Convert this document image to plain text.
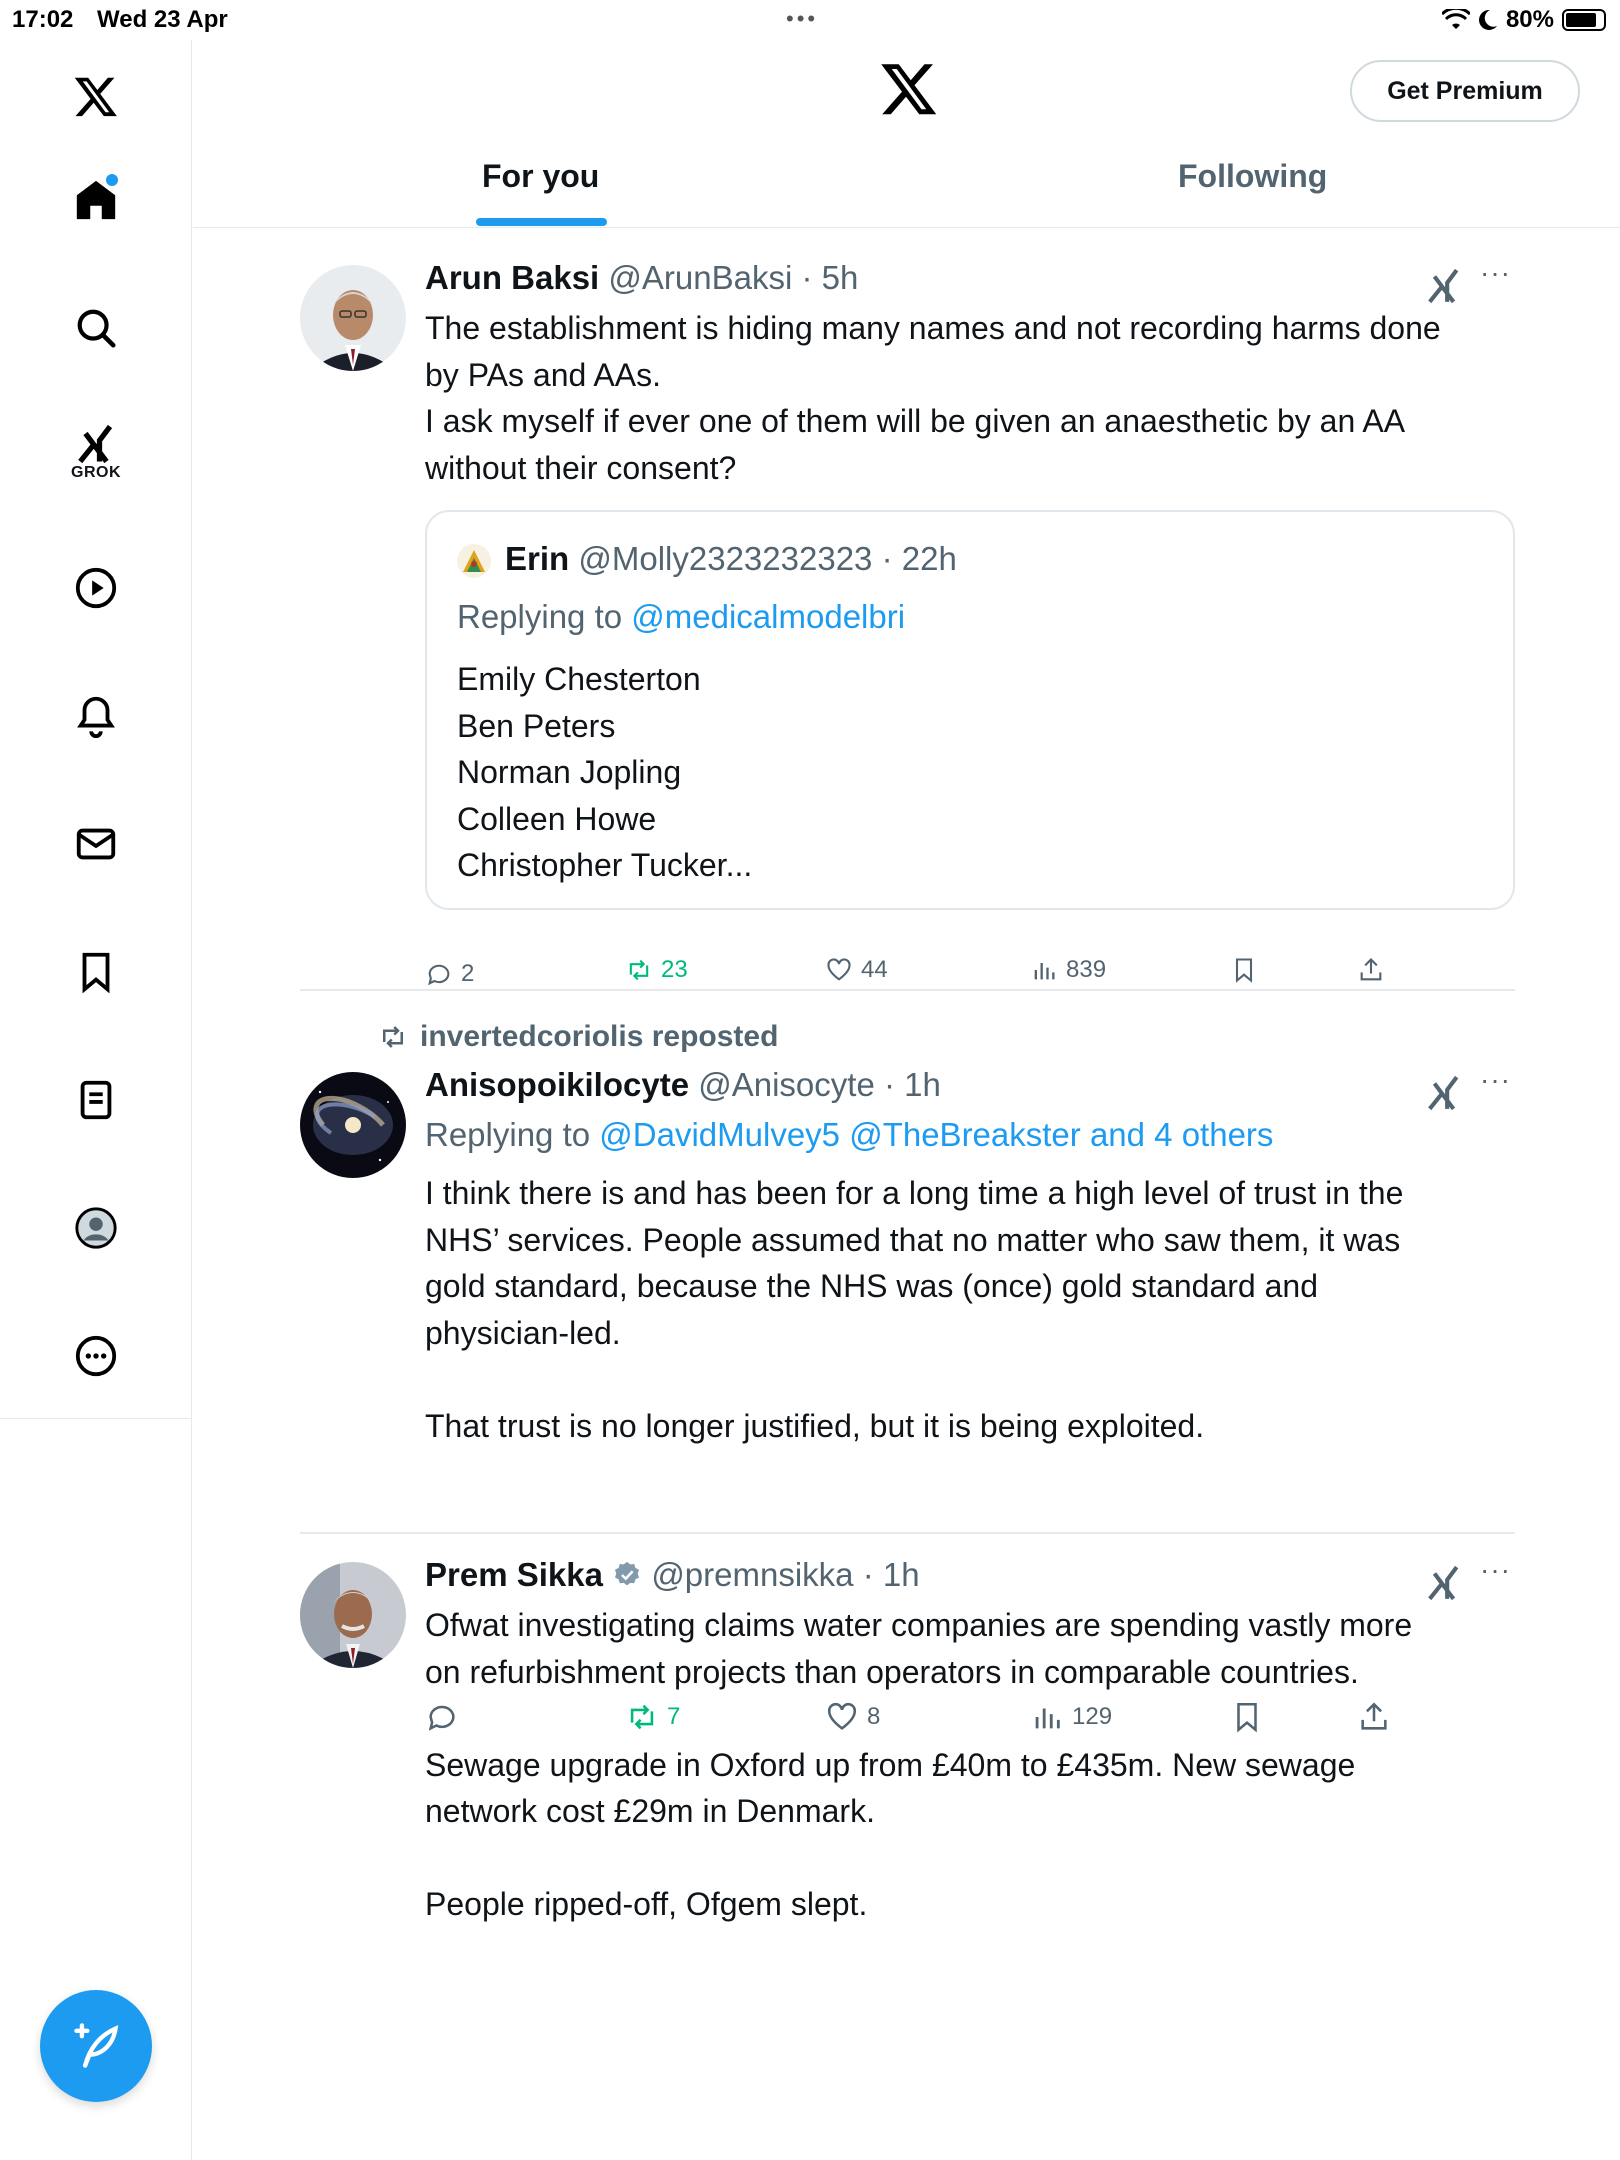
17:02 Wed 23 Apr	•••	80%
GROK
Get Premium
For you	Following
Arun Baksi @ArunBaksi · 5h	···
The establishment is hiding many names and not recording harms done
by PAs and AAs.
I ask myself if ever one of them will be given an anaesthetic by an AA
without their consent?
Erin @Molly2323232323 · 22h
Replying to @medicalmodelbri
Emily Chesterton
Ben Peters
Norman Jopling
Colleen Howe
Christopher Tucker...
2	23	44	839
invertedcoriolis reposted
Anisopoikilocyte @Anisocyte · 1h	···
Replying to @DavidMulvey5 @TheBreakster and 4 others
I think there is and has been for a long time a high level of trust in the
NHS’ services. People assumed that no matter who saw them, it was
gold standard, because the NHS was (once) gold standard and
physician-led.

That trust is no longer justified, but it is being exploited.
7	8	129
Prem Sikka @premnsikka · 1h	···
Ofwat investigating claims water companies are spending vastly more
on refurbishment projects than operators in comparable countries.

Sewage upgrade in Oxford up from £40m to £435m. New sewage
network cost £29m in Denmark.

People ripped-off, Ofgem slept.
